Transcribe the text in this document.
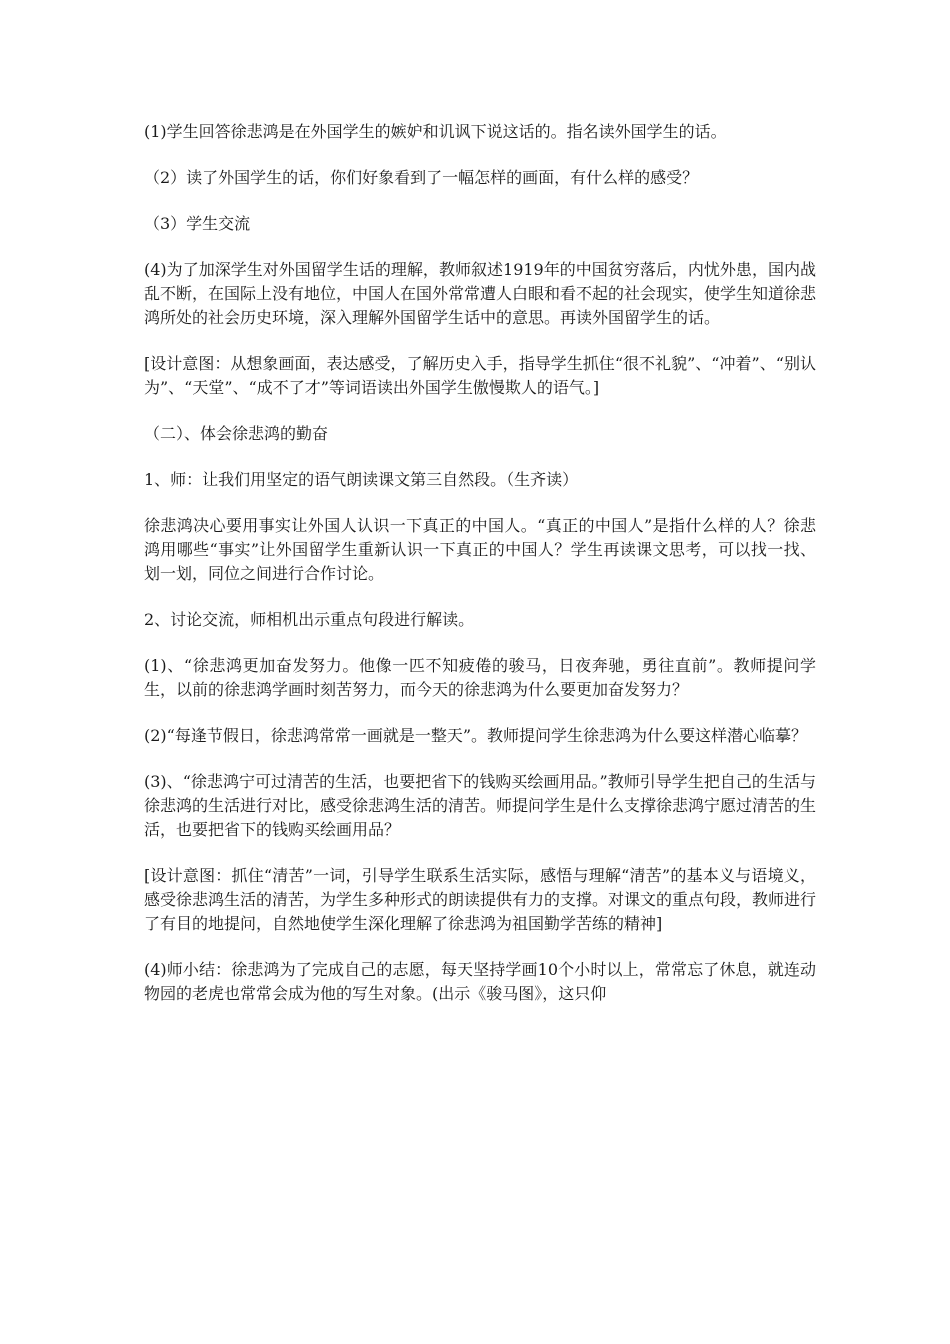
(1)学生回答徐悲鸿是在外国学生的嫉妒和讥讽下说这话的。指名读外国学生的话。

（2）读了外国学生的话，你们好象看到了一幅怎样的画面，有什么样的感受？

（3）学生交流

(4)为了加深学生对外国留学生话的理解，教师叙述1919年的中国贫穷落后，内忧外患，国内战乱不断，在国际上没有地位，中国人在国外常常遭人白眼和看不起的社会现实，使学生知道徐悲鸿所处的社会历史环境，深入理解外国留学生话中的意思。再读外国留学生的话。

[设计意图：从想象画面，表达感受，了解历史入手，指导学生抓住“很不礼貌”、“冲着”、“别认为”、“天堂”、“成不了才”等词语读出外国学生傲慢欺人的语气。]

（二）、体会徐悲鸿的勤奋

1、师：让我们用坚定的语气朗读课文第三自然段。（生齐读）

徐悲鸿决心要用事实让外国人认识一下真正的中国人。“真正的中国人”是指什么样的人？徐悲鸿用哪些“事实”让外国留学生重新认识一下真正的中国人？学生再读课文思考，可以找一找、划一划，同位之间进行合作讨论。

2、讨论交流，师相机出示重点句段进行解读。

(1)、“徐悲鸿更加奋发努力。他像一匹不知疲倦的骏马，日夜奔驰，勇往直前”。教师提问学生，以前的徐悲鸿学画时刻苦努力，而今天的徐悲鸿为什么要更加奋发努力？

(2)“每逢节假日，徐悲鸿常常一画就是一整天”。教师提问学生徐悲鸿为什么要这样潜心临摹？

(3)、“徐悲鸿宁可过清苦的生活，也要把省下的钱购买绘画用品。”教师引导学生把自己的生活与徐悲鸿的生活进行对比，感受徐悲鸿生活的清苦。师提问学生是什么支撑徐悲鸿宁愿过清苦的生活，也要把省下的钱购买绘画用品？

[设计意图：抓住“清苦”一词，引导学生联系生活实际，感悟与理解“清苦”的基本义与语境义，感受徐悲鸿生活的清苦，为学生多种形式的朗读提供有力的支撑。对课文的重点句段，教师进行了有目的地提问，自然地使学生深化理解了徐悲鸿为祖国勤学苦练的精神]

(4)师小结：徐悲鸿为了完成自己的志愿，每天坚持学画10个小时以上，常常忘了休息，就连动物园的老虎也常常会成为他的写生对象。(出示《骏马图》，这只仰
